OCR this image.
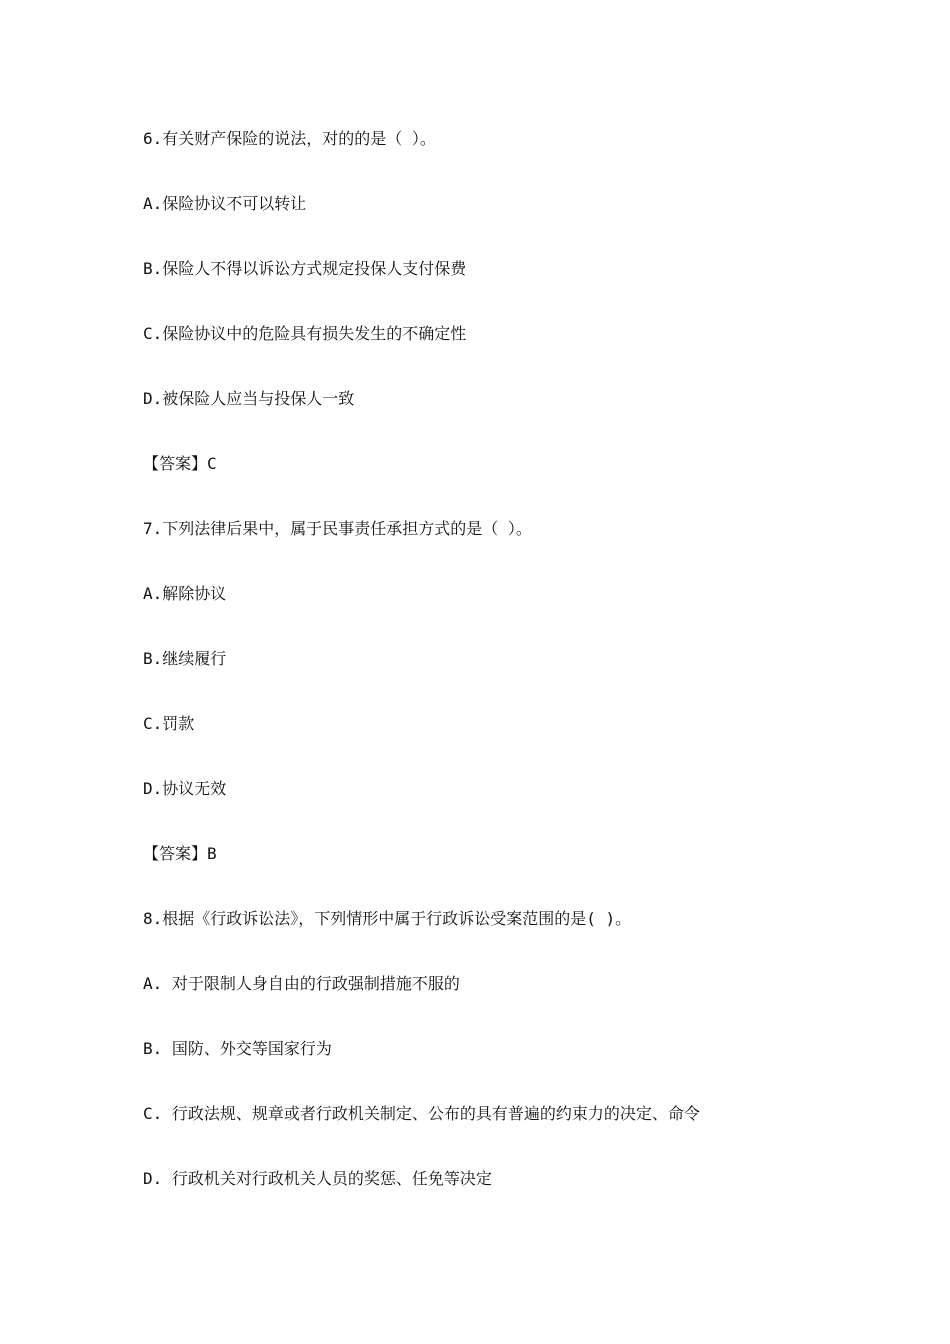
6.有关财产保险的说法，对的的是（ ）。
A.保险协议不可以转让
B.保险人不得以诉讼方式规定投保人支付保费
C.保险协议中的危险具有损失发生的不确定性
D.被保险人应当与投保人一致
【答案】C
7.下列法律后果中，属于民事责任承担方式的是（ ）。
A.解除协议
B.继续履行
C.罚款
D.协议无效
【答案】B
8.根据《行政诉讼法》，下列情形中属于行政诉讼受案范围的是( )。
A. 对于限制人身自由的行政强制措施不服的
B. 国防、外交等国家行为
C. 行政法规、规章或者行政机关制定、公布的具有普遍的约束力的决定、命令
D. 行政机关对行政机关人员的奖惩、任免等决定
